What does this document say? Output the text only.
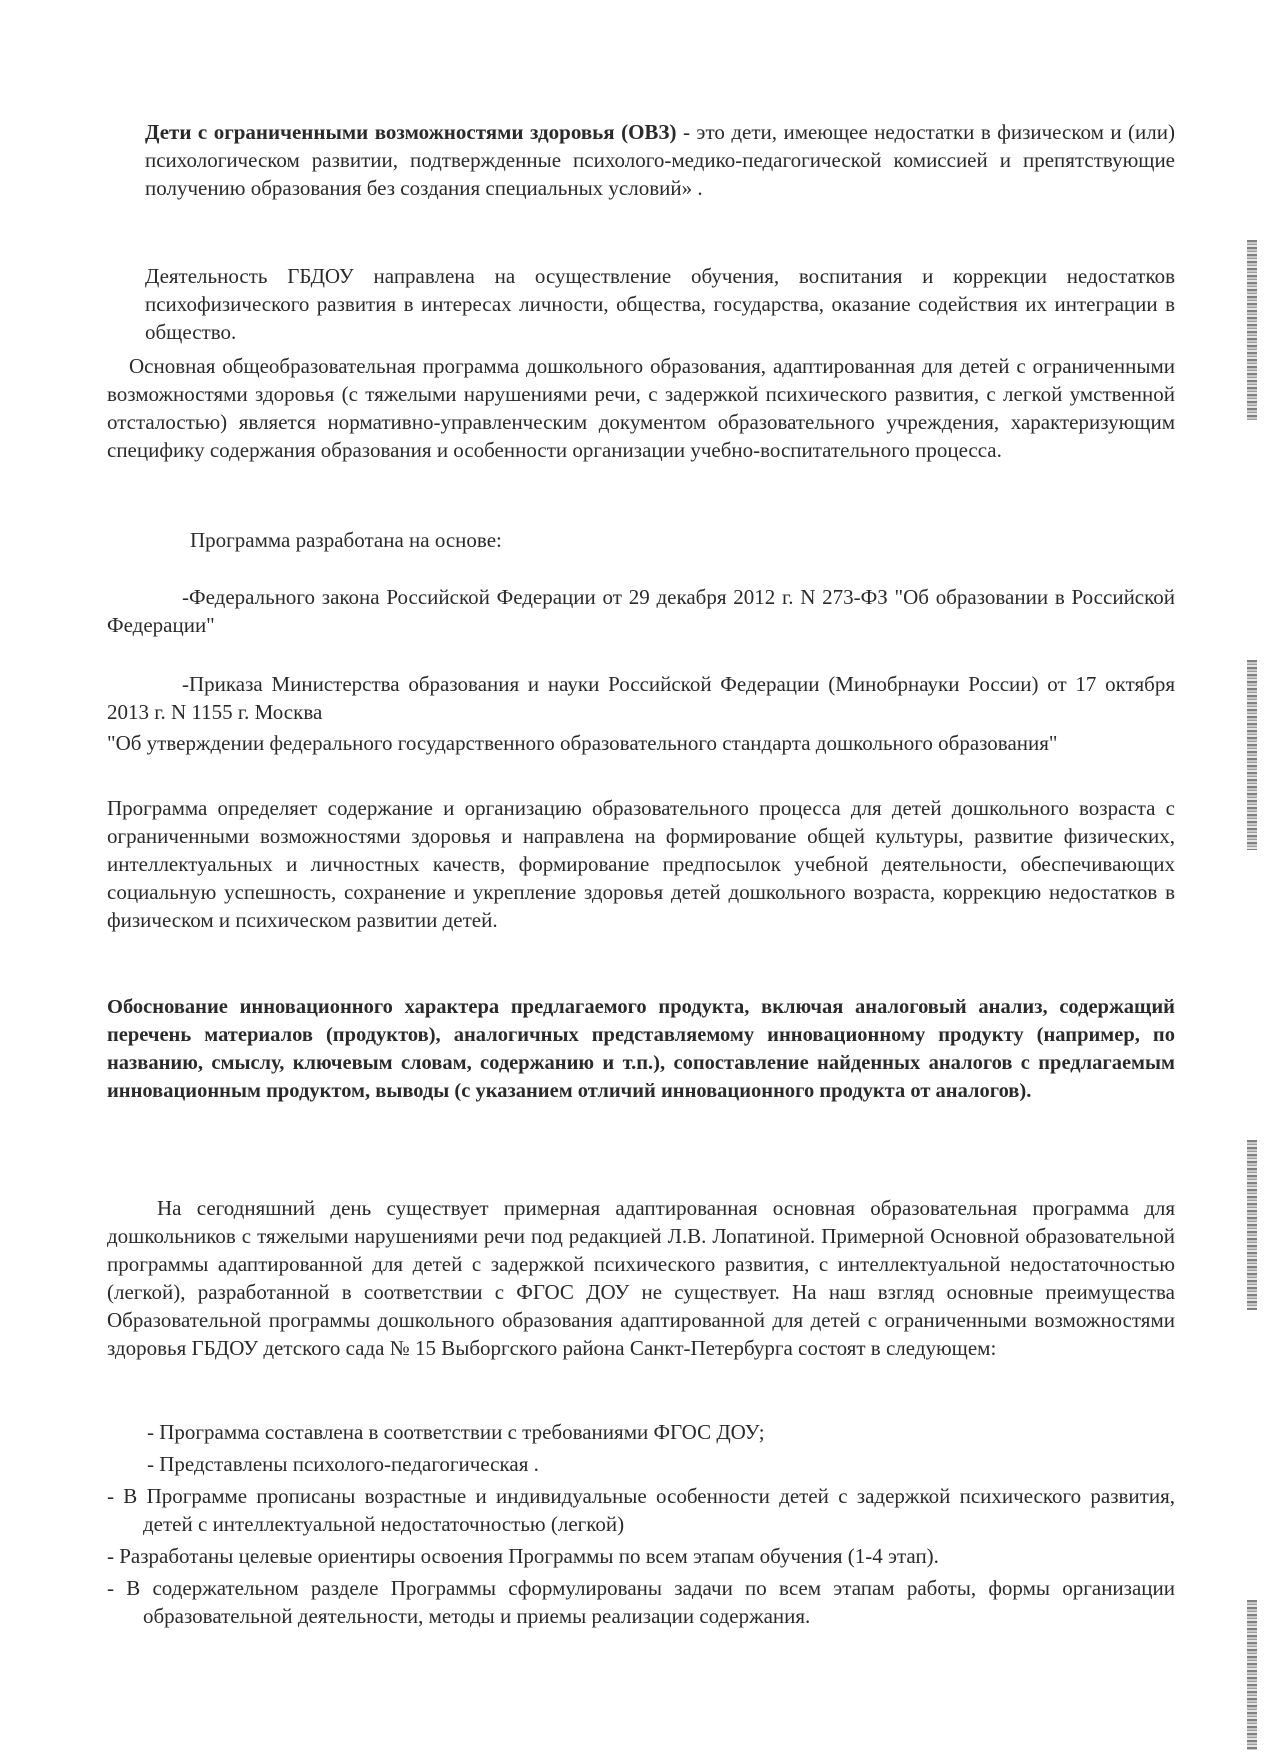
Дети с ограниченными возможностями здоровья (ОВЗ) - это дети, имеющее недостатки в физическом и (или) психологическом развитии, подтвержденные психолого-медико-педагогической комиссией и препятствующие получению образования без создания специальных условий» .

Деятельность ГБДОУ направлена на осуществление обучения, воспитания и коррекции недостатков психофизического развития в интересах личности, общества, государства, оказание содействия их интеграции в общество.

Основная общеобразовательная программа дошкольного образования, адаптированная для детей с ограниченными возможностями здоровья (с тяжелыми нарушениями речи, с задержкой психического развития, с легкой умственной отсталостью) является нормативно-управленческим документом образовательного учреждения, характеризующим специфику содержания образования и особенности организации учебно-воспитательного процесса.

Программа разработана на основе:

-Федерального закона Российской Федерации от 29 декабря 2012 г. N 273-ФЗ "Об образовании в Российской Федерации"

-Приказа Министерства образования и науки Российской Федерации (Минобрнауки России) от 17 октября 2013 г. N 1155 г. Москва

"Об утверждении федерального государственного образовательного стандарта дошкольного образования"

Программа определяет содержание и организацию образовательного процесса для детей дошкольного возраста с ограниченными возможностями здоровья и направлена на формирование общей культуры, развитие физических, интеллектуальных и личностных качеств, формирование предпосылок учебной деятельности, обеспечивающих социальную успешность, сохранение и укрепление здоровья детей дошкольного возраста, коррекцию недостатков в физическом и психическом развитии детей.

Обоснование инновационного характера предлагаемого продукта, включая аналоговый анализ, содержащий перечень материалов (продуктов), аналогичных представляемому инновационному продукту (например, по названию, смыслу, ключевым словам, содержанию и т.п.), сопоставление найденных аналогов с предлагаемым инновационным продуктом, выводы (с указанием отличий инновационного продукта от аналогов).

На сегодняшний день существует примерная адаптированная основная образовательная программа для дошкольников с тяжелыми нарушениями речи под редакцией Л.В. Лопатиной. Примерной Основной образовательной программы адаптированной для детей с задержкой психического развития, с интеллектуальной недостаточностью (легкой), разработанной в соответствии с ФГОС ДОУ не существует. На наш взгляд основные преимущества Образовательной программы дошкольного образования адаптированной для детей с ограниченными возможностями здоровья ГБДОУ детского сада № 15 Выборгского района Санкт-Петербурга состоят в следующем:

- Программа составлена в соответствии с требованиями ФГОС ДОУ;
- Представлены психолого-педагогическая .
- В Программе прописаны возрастные и индивидуальные особенности детей с задержкой психического развития, детей с интеллектуальной недостаточностью (легкой)
- Разработаны целевые ориентиры освоения Программы по всем этапам обучения (1-4 этап).
- В содержательном разделе Программы сформулированы задачи по всем этапам работы, формы организации образовательной деятельности, методы и приемы реализации содержания.
